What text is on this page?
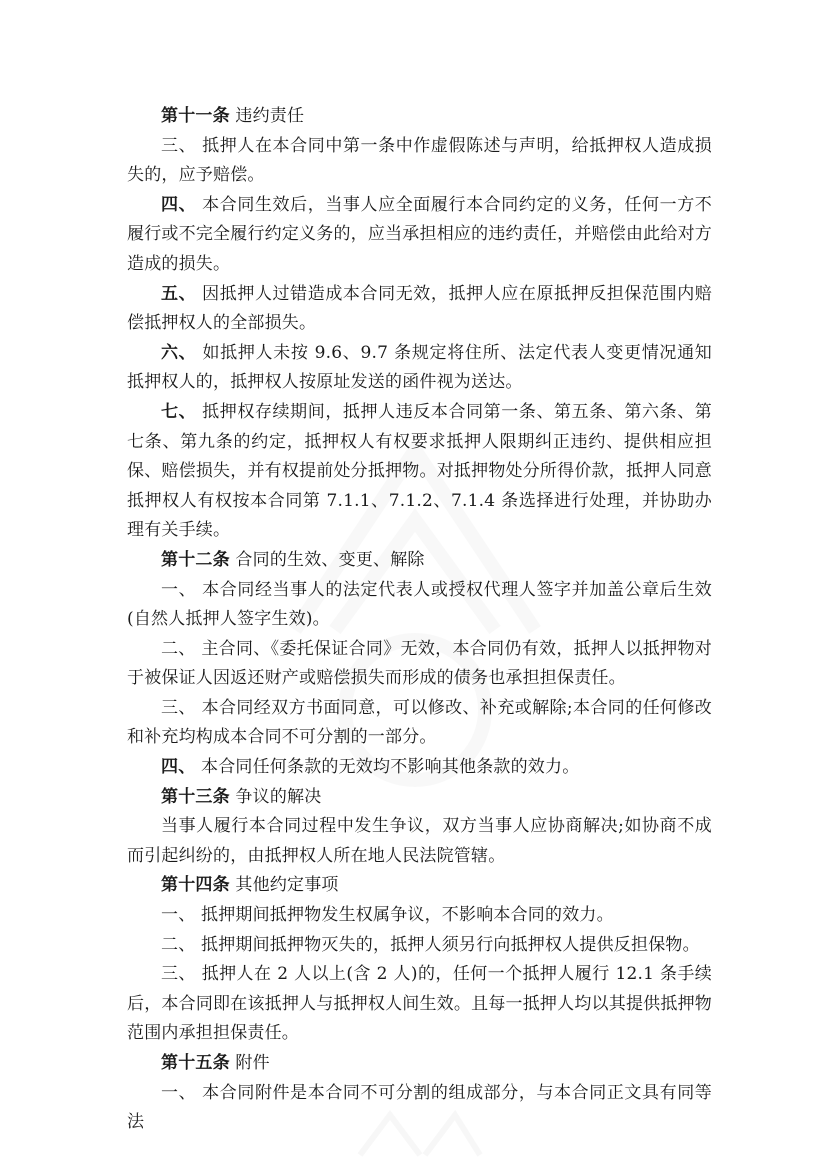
第十一条 违约责任

三、 抵押人在本合同中第一条中作虚假陈述与声明，给抵押权人造成损失的，应予赔偿。

四、 本合同生效后，当事人应全面履行本合同约定的义务，任何一方不履行或不完全履行约定义务的，应当承担相应的违约责任，并赔偿由此给对方造成的损失。

五、 因抵押人过错造成本合同无效，抵押人应在原抵押反担保范围内赔偿抵押权人的全部损失。

六、 如抵押人未按 9.6、9.7 条规定将住所、法定代表人变更情况通知抵押权人的，抵押权人按原址发送的函件视为送达。

七、 抵押权存续期间，抵押人违反本合同第一条、第五条、第六条、第七条、第九条的约定，抵押权人有权要求抵押人限期纠正违约、提供相应担保、赔偿损失，并有权提前处分抵押物。对抵押物处分所得价款，抵押人同意抵押权人有权按本合同第 7.1.1、7.1.2、7.1.4 条选择进行处理，并协助办理有关手续。

第十二条 合同的生效、变更、解除

一、 本合同经当事人的法定代表人或授权代理人签字并加盖公章后生效(自然人抵押人签字生效)。

二、 主合同、《委托保证合同》无效，本合同仍有效，抵押人以抵押物对于被保证人因返还财产或赔偿损失而形成的债务也承担担保责任。

三、 本合同经双方书面同意，可以修改、补充或解除;本合同的任何修改和补充均构成本合同不可分割的一部分。

四、 本合同任何条款的无效均不影响其他条款的效力。

第十三条 争议的解决

当事人履行本合同过程中发生争议，双方当事人应协商解决;如协商不成而引起纠纷的，由抵押权人所在地人民法院管辖。

第十四条 其他约定事项

一、 抵押期间抵押物发生权属争议，不影响本合同的效力。

二、 抵押期间抵押物灭失的，抵押人须另行向抵押权人提供反担保物。

三、 抵押人在 2 人以上(含 2 人)的，任何一个抵押人履行 12.1 条手续后，本合同即在该抵押人与抵押权人间生效。且每一抵押人均以其提供抵押物范围内承担担保责任。

第十五条 附件

一、 本合同附件是本合同不可分割的组成部分，与本合同正文具有同等法
